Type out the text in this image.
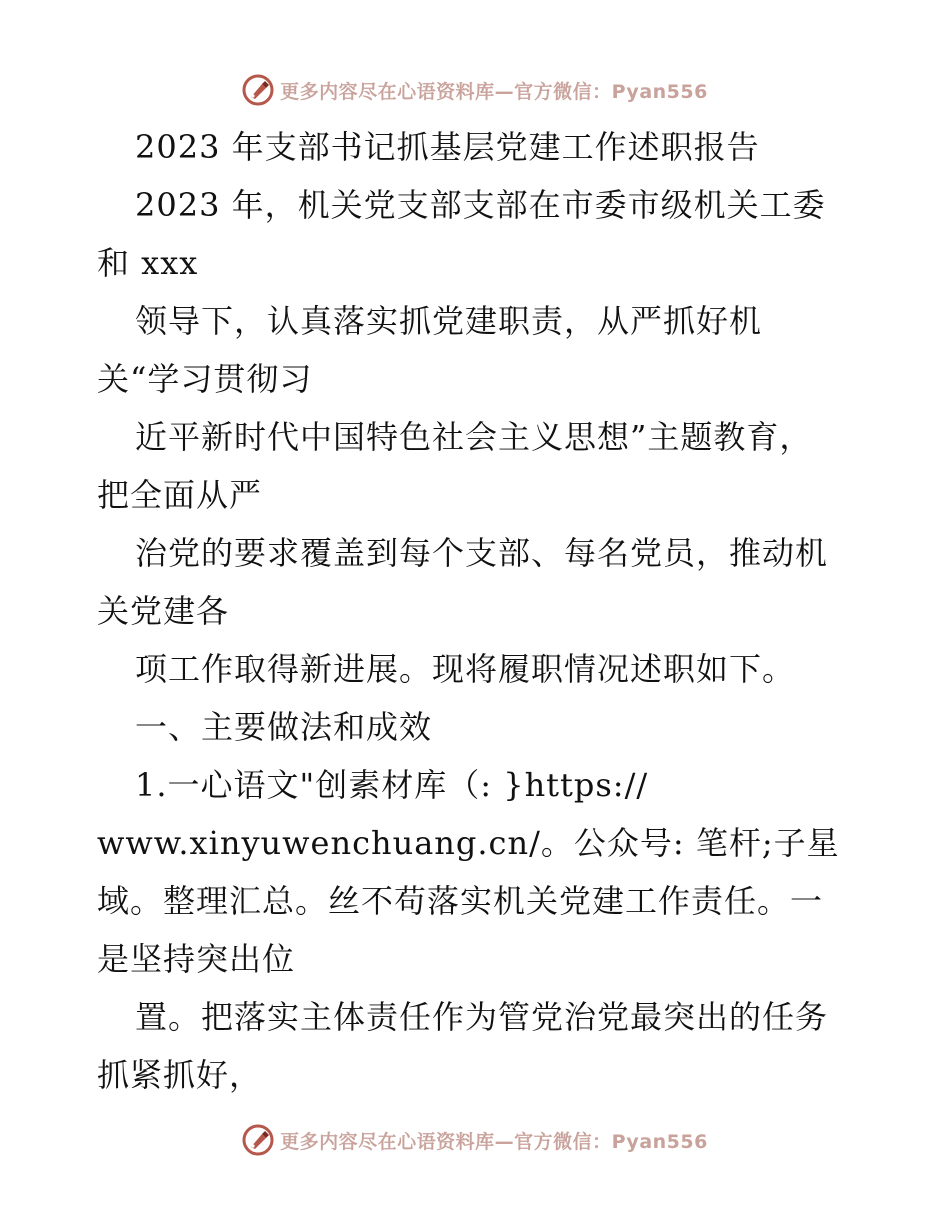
更多内容尽在心语资料库—官方微信：Pyan556
2023 年支部书记抓基层党建工作述职报告
2023 年，机关党支部支部在市委市级机关工委
和 xxx
领导下，认真落实抓党建职责，从严抓好机
关“学习贯彻习
近平新时代中国特色社会主义思想”主题教育，
把全面从严
治党的要求覆盖到每个支部、每名党员，推动机
关党建各
项工作取得新进展。现将履职情况述职如下。
一、主要做法和成效
1.一心语文"创素材库（: }https://
www.xinyuwenchuang.cn/。公众号: 笔杆;子星
域。整理汇总。丝不苟落实机关党建工作责任。一
是坚持突出位
置。把落实主体责任作为管党治党最突出的任务
抓紧抓好，
更多内容尽在心语资料库—官方微信：Pyan556
